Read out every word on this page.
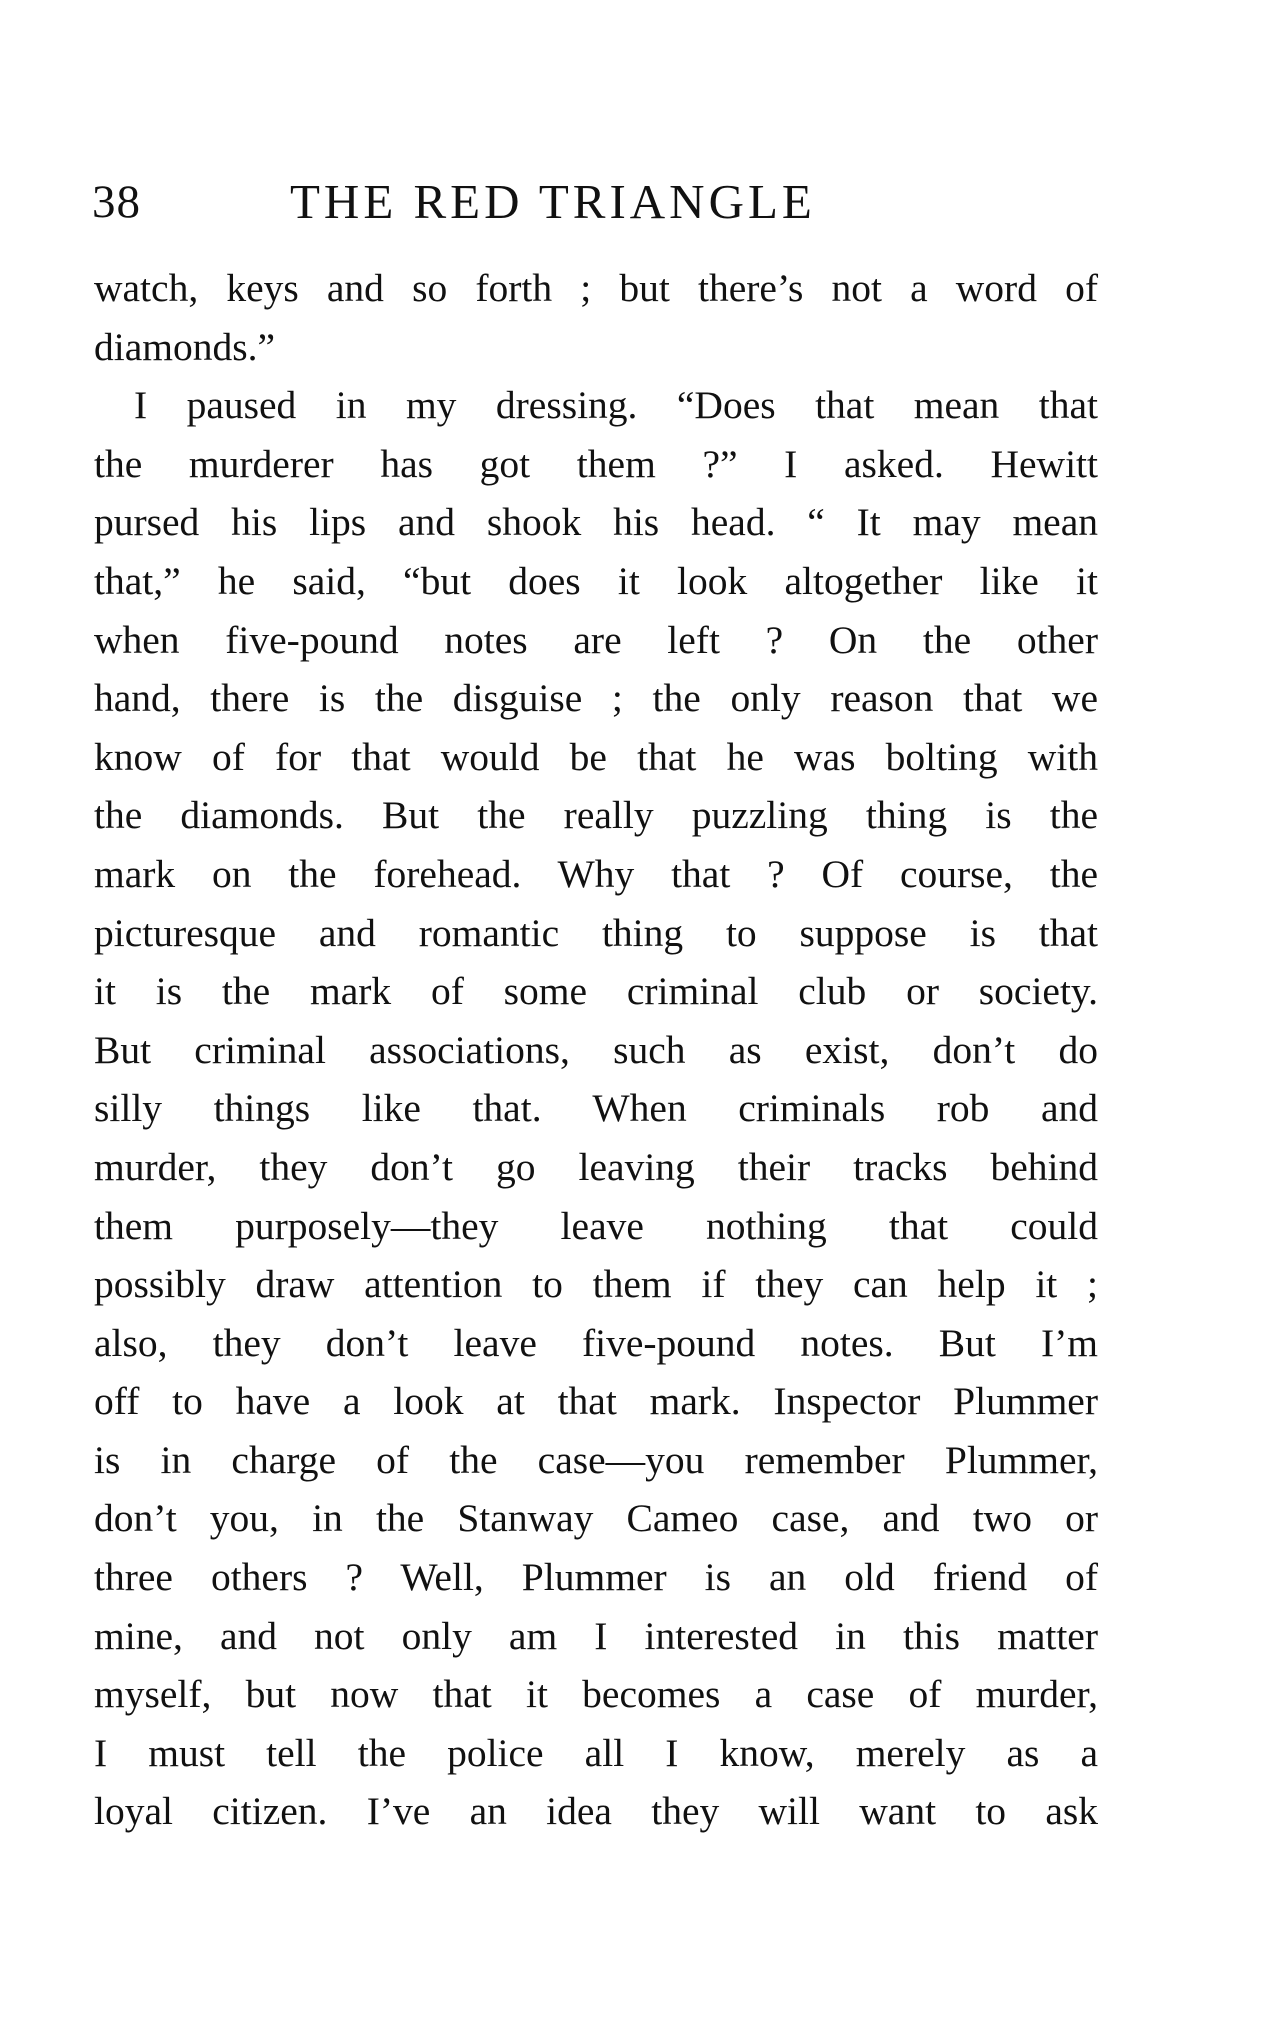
38	THE RED TRIANGLE
watch, keys and so forth ; but there’s not a word of
diamonds.”
I paused in my dressing. “Does that mean that
the murderer has got them ?” I asked. Hewitt
pursed his lips and shook his head. “ It may mean
that,” he said, “but does it look altogether like it
when five-pound notes are left ? On the other
hand, there is the disguise ; the only reason that we
know of for that would be that he was bolting with
the diamonds. But the really puzzling thing is the
mark on the forehead. Why that ? Of course, the
picturesque and romantic thing to suppose is that
it is the mark of some criminal club or society.
But criminal associations, such as exist, don’t do
silly things like that. When criminals rob and
murder, they don’t go leaving their tracks behind
them purposely—they leave nothing that could
possibly draw attention to them if they can help it ;
also, they don’t leave five-pound notes. But I’m
off to have a look at that mark. Inspector Plummer
is in charge of the case—you remember Plummer,
don’t you, in the Stanway Cameo case, and two or
three others ? Well, Plummer is an old friend of
mine, and not only am I interested in this matter
myself, but now that it becomes a case of murder,
I must tell the police all I know, merely as a
loyal citizen. I’ve an idea they will want to ask
